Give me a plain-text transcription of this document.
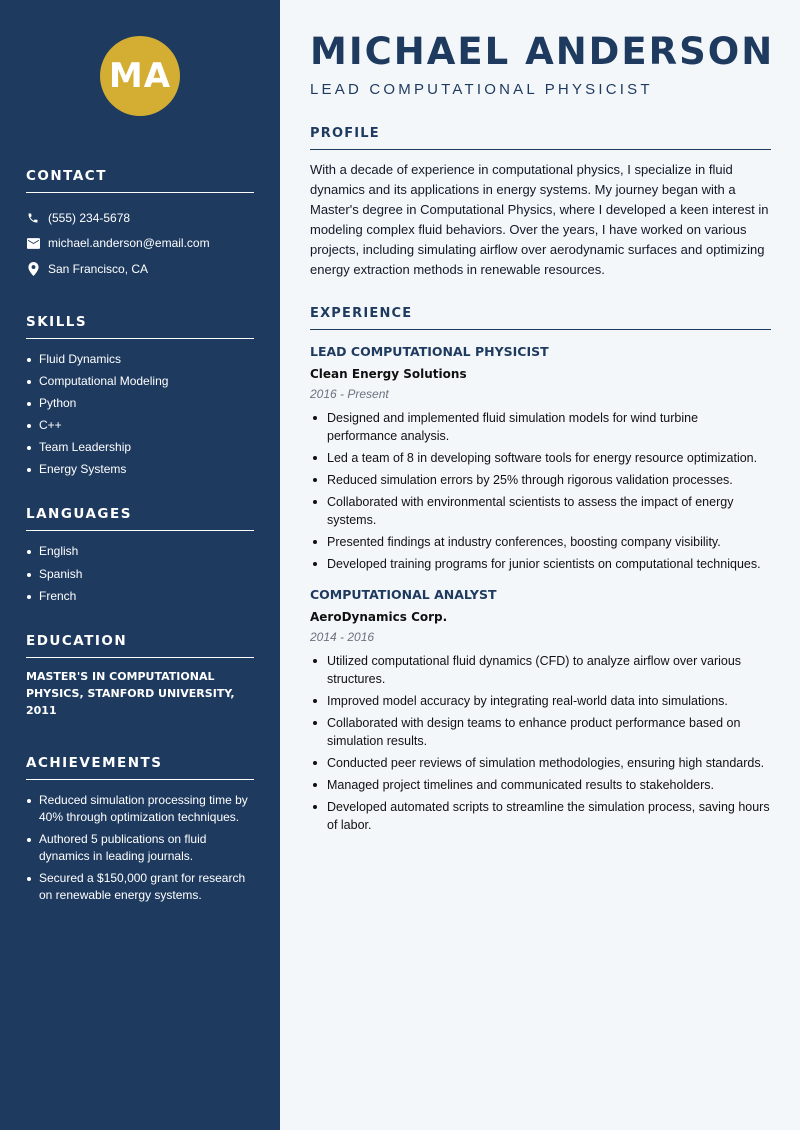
MA
CONTACT
(555) 234-5678
michael.anderson@email.com
San Francisco, CA
SKILLS
Fluid Dynamics
Computational Modeling
Python
C++
Team Leadership
Energy Systems
LANGUAGES
English
Spanish
French
EDUCATION
MASTER'S IN COMPUTATIONAL
PHYSICS, STANFORD UNIVERSITY, 2011
ACHIEVEMENTS
Reduced simulation processing time by 40% through optimization techniques.
Authored 5 publications on fluid dynamics in leading journals.
Secured a $150,000 grant for research on renewable energy systems.
MICHAEL ANDERSON
LEAD COMPUTATIONAL PHYSICIST
PROFILE

With a decade of experience in computational physics, I specialize in fluid dynamics and its applications in energy systems. My journey began with a Master's degree in Computational Physics, where I developed a keen interest in modeling complex fluid behaviors. Over the years, I have worked on various projects, including simulating airflow over aerodynamic surfaces and optimizing energy extraction methods in renewable resources.

EXPERIENCE
LEAD COMPUTATIONAL PHYSICIST
Clean Energy Solutions
2016 - Present
Designed and implemented fluid simulation models for wind turbine performance analysis.
Led a team of 8 in developing software tools for energy resource optimization.
Reduced simulation errors by 25% through rigorous validation processes.
Collaborated with environmental scientists to assess the impact of energy systems.
Presented findings at industry conferences, boosting company visibility.
Developed training programs for junior scientists on computational techniques.
COMPUTATIONAL ANALYST
AeroDynamics Corp.
2014 - 2016
Utilized computational fluid dynamics (CFD) to analyze airflow over various structures.
Improved model accuracy by integrating real-world data into simulations.
Collaborated with design teams to enhance product performance based on simulation results.
Conducted peer reviews of simulation methodologies, ensuring high standards.
Managed project timelines and communicated results to stakeholders.
Developed automated scripts to streamline the simulation process, saving hours of labor.
